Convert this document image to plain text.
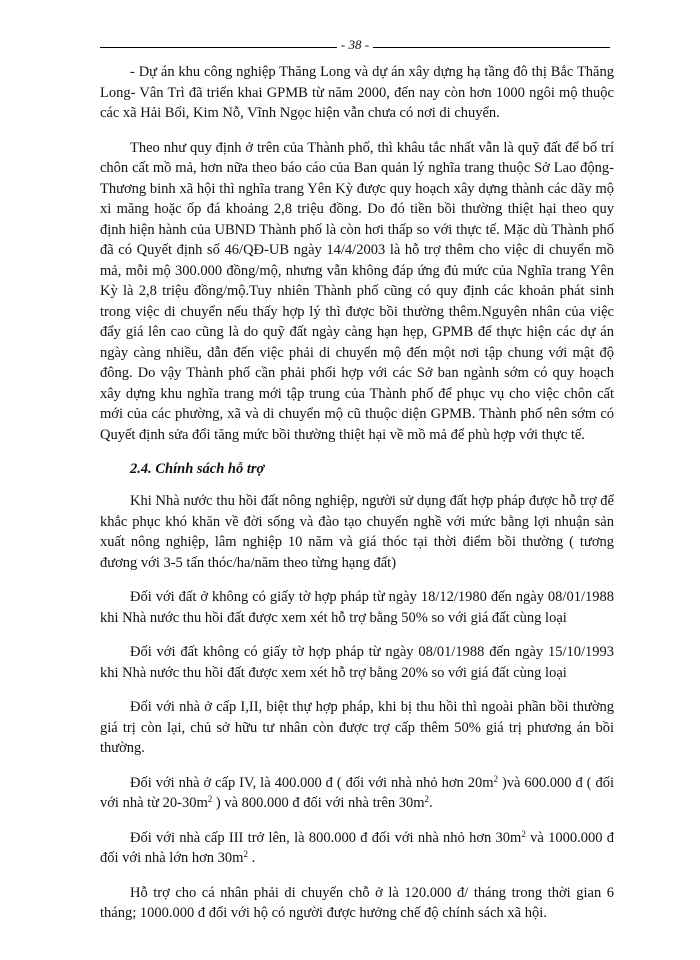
- 38 -

- Dự án khu công nghiệp Thăng Long và dự án xây dựng hạ tầng đô thị Bắc Thăng Long- Vân Trì đã triển khai GPMB từ năm 2000, đến nay còn hơn 1000 ngôi mộ thuộc các xã Hải Bối, Kim Nỗ, Vĩnh Ngọc hiện vẫn chưa có nơi di chuyển.

Theo như quy định ở trên của Thành phố, thì khâu tắc nhất vẫn là quỹ đất để bố trí chôn cất mồ mả, hơn nữa theo báo cáo của Ban quản lý nghĩa trang thuộc Sở Lao động- Thương binh xã hội thì nghĩa trang Yên Kỳ được quy hoạch xây dựng thành các dãy mộ xi măng hoặc ốp đá khoảng 2,8 triệu đồng. Do đó tiền bồi thường thiệt hại theo quy định hiện hành của UBND Thành phố là còn hơi thấp so với thực tế. Mặc dù Thành phố đã có Quyết định số 46/QĐ-UB ngày 14/4/2003 là hỗ trợ thêm cho việc di chuyển mồ mả, mỗi mộ 300.000 đồng/mộ, nhưng vẫn không đáp ứng đủ mức của Nghĩa trang Yên Kỳ là 2,8 triệu đồng/mộ.Tuy nhiên Thành phố cũng có quy định các khoản phát sinh trong việc di chuyển nếu thấy hợp lý thì được bồi thường thêm.Nguyên nhân của việc đẩy giá lên cao cũng là do quỹ đất ngày càng hạn hẹp, GPMB để thực hiện các dự án ngày càng nhiều, dẫn đến việc phải di chuyển mộ đến một nơi tập chung với mật độ đông. Do vậy Thành phố cần phải phối hợp với các Sở ban ngành sớm có quy hoạch xây dựng khu nghĩa trang mới tập trung của Thành phố để phục vụ cho việc chôn cất mới của các phường, xã và di chuyển mộ cũ thuộc diện GPMB. Thành phố nên sớm có Quyết định sửa đổi tăng mức bồi thường thiệt hại về mồ mả để phù hợp với thực tế.

2.4. Chính sách hỗ trợ

Khi Nhà nước thu hồi đất nông nghiệp, người sử dụng đất hợp pháp được hỗ trợ để khắc phục khó khăn về đời sống và đào tạo chuyển nghề với mức bằng lợi nhuận sản xuất nông nghiệp, lâm nghiệp 10 năm và giá thóc tại thời điểm bồi thường ( tương đương với 3-5 tấn thóc/ha/năm theo từng hạng đất)

Đối với đất ở không có giấy tờ hợp pháp từ ngày 18/12/1980 đến ngày 08/01/1988 khi Nhà nước thu hồi đất được xem xét hỗ trợ bằng 50% so với giá đất cùng loại

Đối với đất không có giấy tờ hợp pháp từ ngày 08/01/1988 đến ngày 15/10/1993 khi Nhà nước thu hồi đất được xem xét hỗ trợ bằng 20% so với giá đất cùng loại

Đối với nhà ở cấp I,II, biệt thự hợp pháp, khi bị thu hồi thì ngoài phần bồi thường giá trị còn lại, chủ sở hữu tư nhân còn được trợ cấp thêm 50% giá trị phương án bồi thường.

Đối với nhà ở cấp IV, là 400.000 đ ( đối với nhà nhỏ hơn $20m^2$ )và 600.000 đ ( đối với nhà từ $20-30m^2$ ) và 800.000 đ đối với nhà trên $30m^2$.

Đối với nhà cấp III trở lên, là 800.000 đ đối với nhà nhỏ hơn $30m^2$ và 1000.000 đ đối với nhà lớn hơn $30m^2$ .

Hỗ trợ cho cá nhân phải di chuyển chỗ ở là 120.000 đ/ tháng trong thời gian 6 tháng; 1000.000 đ đối với hộ có người được hưởng chế độ chính sách xã hội.
